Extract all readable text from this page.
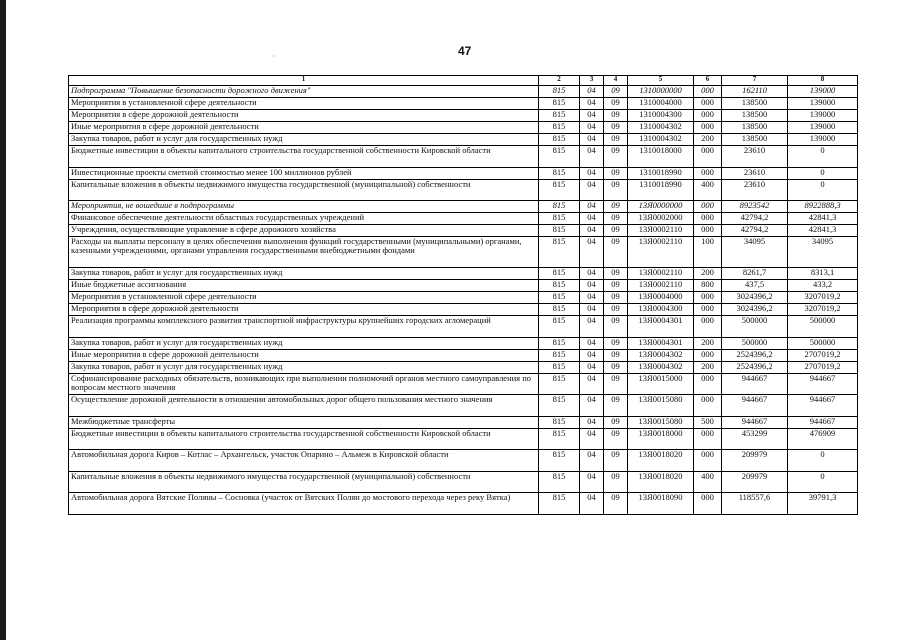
47
·
1	2	3	4	5	6	7	8
Подпрограмма "Повышение безопасности дорожного движения"	815	04	09	1310000000	000	162110	139000
Мероприятия в установленной сфере деятельности	815	04	09	1310004000	000	138500	139000
Мероприятия в сфере дорожной деятельности	815	04	09	1310004300	000	138500	139000
Иные мероприятия в сфере дорожной деятельности	815	04	09	1310004302	000	138500	139000
Закупка товаров, работ и услуг для государственных нужд	815	04	09	1310004302	200	138500	139000
Бюджетные инвестиции в объекты капитального строительства государственной собственности Кировской области	815	04	09	1310018000	000	23610	0
Инвестиционные проекты сметной стоимостью менее 100 миллионов рублей	815	04	09	1310018990	000	23610	0
Капитальные вложения в объекты недвижимого имущества государственной (муниципальной) собственности	815	04	09	1310018990	400	23610	0
Мероприятия, не вошедшие в подпрограммы	815	04	09	13Я0000000	000	8923542	8922888,3
Финансовое обеспечение деятельности областных государственных учреждений	815	04	09	13Я0002000	000	42794,2	42841,3
Учреждения, осуществляющие управление в сфере дорожного хозяйства	815	04	09	13Я0002110	000	42794,2	42841,3
Расходы на выплаты персоналу в целях обеспечения выполнения функций государственными (муниципальными) органами, казенными учреждениями, органами управления государственными внебюджетными фондами	815	04	09	13Я0002110	100	34095	34095
Закупка товаров, работ и услуг для государственных нужд	815	04	09	13Я0002110	200	8261,7	8313,1
Иные бюджетные ассигнования	815	04	09	13Я0002110	800	437,5	433,2
Мероприятия в установленной сфере деятельности	815	04	09	13Я0004000	000	3024396,2	3207019,2
Мероприятия в сфере дорожной деятельности	815	04	09	13Я0004300	000	3024396,2	3207019,2
Реализация программы комплексного развития транспортной инфраструктуры крупнейших городских агломераций	815	04	09	13Я0004301	000	500000	500000
Закупка товаров, работ и услуг для государственных нужд	815	04	09	13Я0004301	200	500000	500000
Иные мероприятия в сфере дорожной деятельности	815	04	09	13Я0004302	000	2524396,2	2707019,2
Закупка товаров, работ и услуг для государственных нужд	815	04	09	13Я0004302	200	2524396,2	2707019,2
Софинансирование расходных обязательств, возникающих при выполнении полномочий органов местного самоуправления по вопросам местного значения	815	04	09	13Я0015000	000	944667	944667
Осуществление дорожной деятельности в отношении автомобильных дорог общего пользования местного значения	815	04	09	13Я0015080	000	944667	944667
Межбюджетные трансферты	815	04	09	13Я0015080	500	944667	944667
Бюджетные инвестиции в объекты капитального строительства государственной собственности Кировской области	815	04	09	13Я0018000	000	453299	476909
Автомобильная дорога Киров – Котлас – Архангельск, участок Опарино – Альмеж в Кировской области	815	04	09	13Я0018020	000	209979	0
Капитальные вложения в объекты недвижимого имущества государственной (муниципальной) собственности	815	04	09	13Я0018020	400	209979	0
Автомобильная дорога Вятские Поляны – Сосновка (участок от Вятских Полян до мостового перехода через реку Вятка)	815	04	09	13Я0018090	000	118557,6	39791,3
